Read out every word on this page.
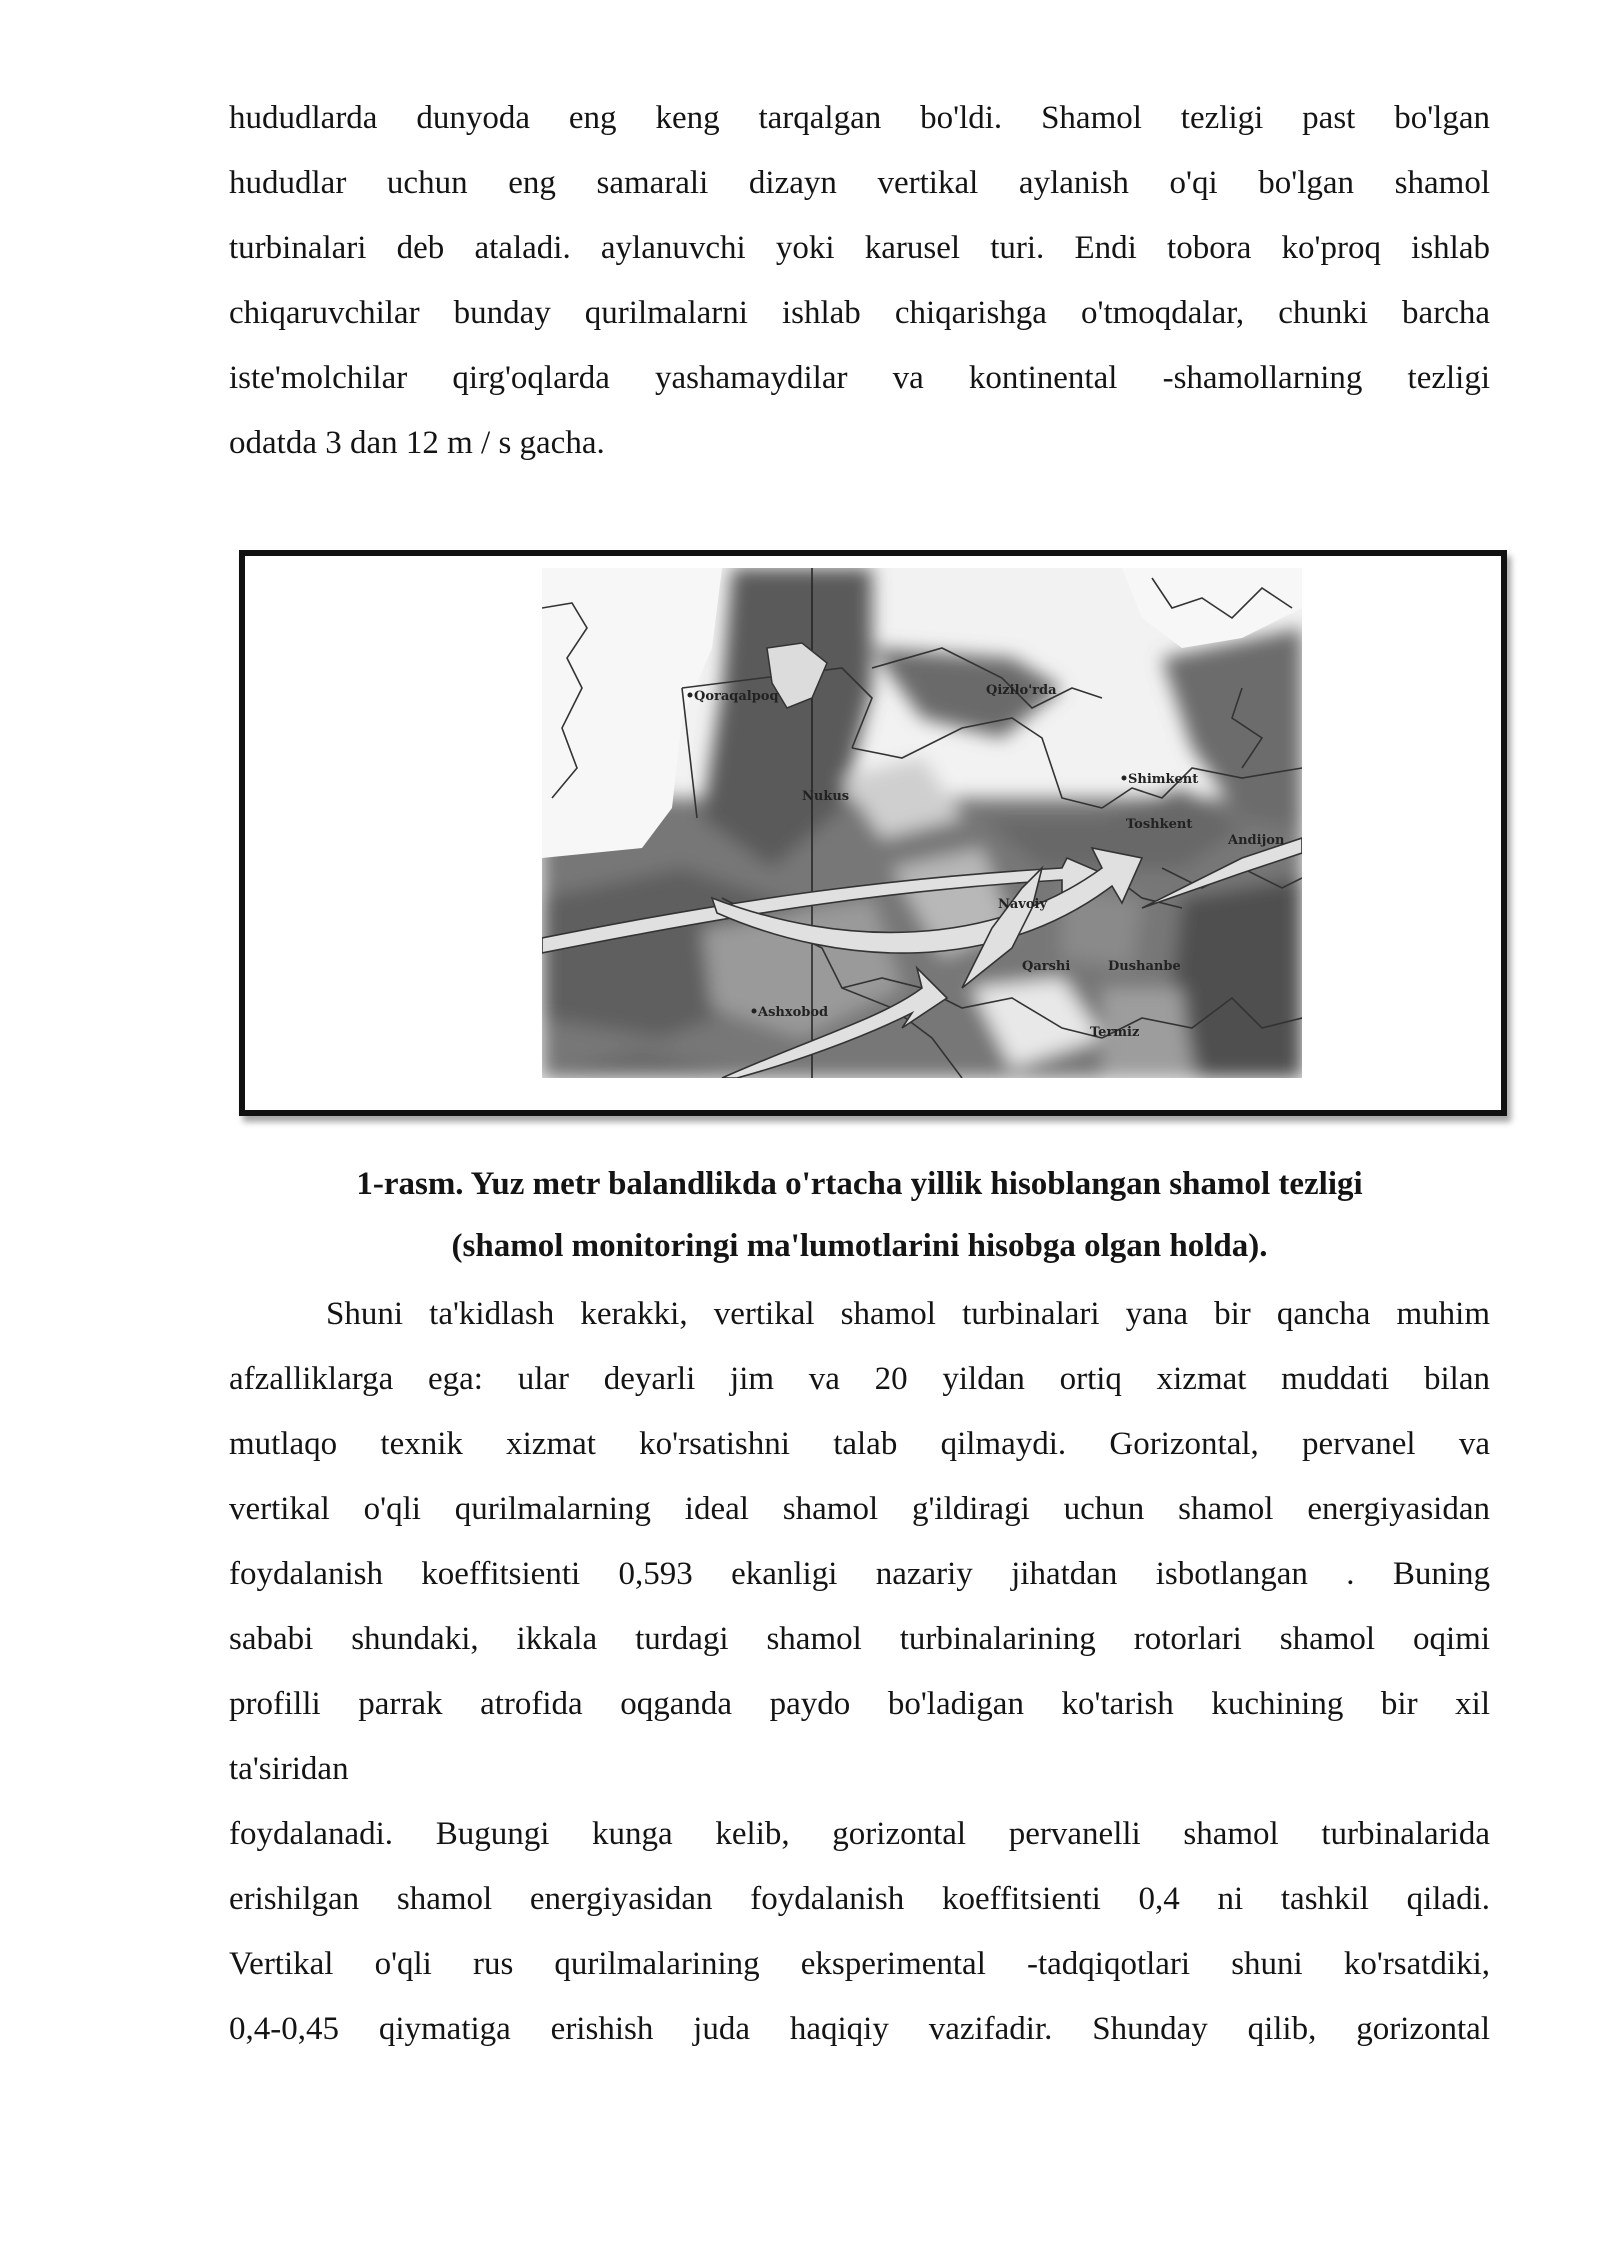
hududlarda dunyoda eng keng tarqalgan bo'ldi. Shamol tezligi past bo'lgan
hududlar uchun eng samarali dizayn vertikal aylanish o'qi bo'lgan shamol
turbinalari deb ataladi. aylanuvchi yoki karusel turi. Endi tobora ko'proq ishlab
chiqaruvchilar bunday qurilmalarni ishlab chiqarishga o'tmoqdalar, chunki barcha
iste'molchilar qirg'oqlarda yashamaydilar va kontinental -shamollarning tezligi
odatda 3 dan 12 m / s gacha.
Qoraqalpoq	Qizilo'rda
Nukus
Shimkent
Toshkent
Andijon
Navoiy
Qarshi	Dushanbe
Ashxobod
Termiz
1-rasm. Yuz metr balandlikda o'rtacha yillik hisoblangan shamol tezligi
(shamol monitoringi ma'lumotlarini hisobga olgan holda).
Shuni ta'kidlash kerakki, vertikal shamol turbinalari yana bir qancha muhim
afzalliklarga ega: ular deyarli jim va 20 yildan ortiq xizmat muddati bilan
mutlaqo texnik xizmat ko'rsatishni talab qilmaydi. Gorizontal, pervanel va
vertikal o'qli qurilmalarning ideal shamol g'ildiragi uchun shamol energiyasidan
foydalanish koeffitsienti 0,593 ekanligi nazariy jihatdan isbotlangan . Buning
sababi shundaki, ikkala turdagi shamol turbinalarining rotorlari shamol oqimi
profilli parrak atrofida oqganda paydo bo'ladigan ko'tarish kuchining bir xil
ta'siridan
foydalanadi. Bugungi kunga kelib, gorizontal pervanelli shamol turbinalarida
erishilgan shamol energiyasidan foydalanish koeffitsienti 0,4 ni tashkil qiladi.
Vertikal o'qli rus qurilmalarining eksperimental -tadqiqotlari shuni ko'rsatdiki,
0,4-0,45 qiymatiga erishish juda haqiqiy vazifadir. Shunday qilib, gorizontal
